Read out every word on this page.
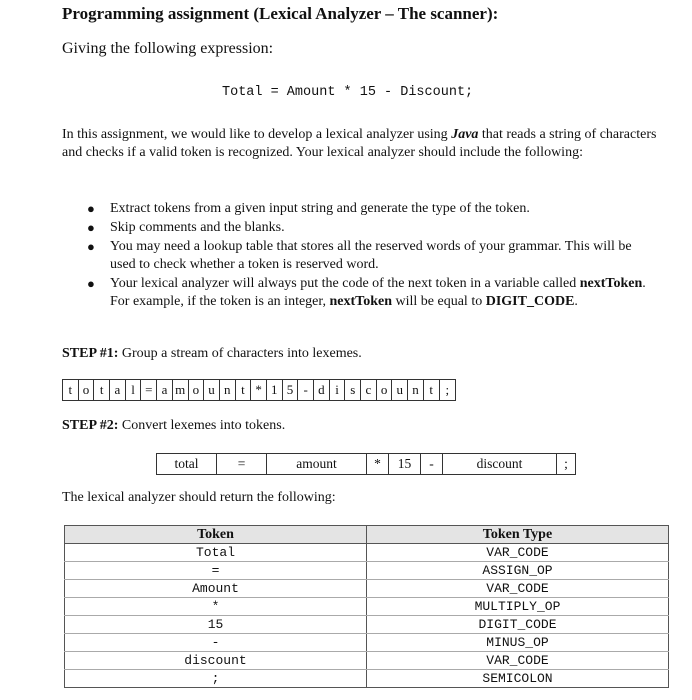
Programming assignment (Lexical Analyzer – The scanner):
Giving the following expression:
Total = Amount * 15 - Discount;
In this assignment, we would like to develop a lexical analyzer using Java that reads a string of characters and checks if a valid token is recognized. Your lexical analyzer should include the following:
● Extract tokens from a given input string and generate the type of the token.
● Skip comments and the blanks.
● You may need a lookup table that stores all the reserved words of your grammar. This will be used to check whether a token is reserved word.
● Your lexical analyzer will always put the code of the next token in a variable called nextToken. For example, if the token is an integer, nextToken will be equal to DIGIT_CODE.
STEP #1: Group a stream of characters into lexemes.
t o t a l = a m o u n t * 1 5 - d i s c o u n t ;
STEP #2: Convert lexemes into tokens.
total	=	amount	*	15	-	discount	;
The lexical analyzer should return the following:
Token	Token Type
Total	VAR_CODE
=	ASSIGN_OP
Amount	VAR_CODE
*	MULTIPLY_OP
15	DIGIT_CODE
-	MINUS_OP
discount	VAR_CODE
;	SEMICOLON
